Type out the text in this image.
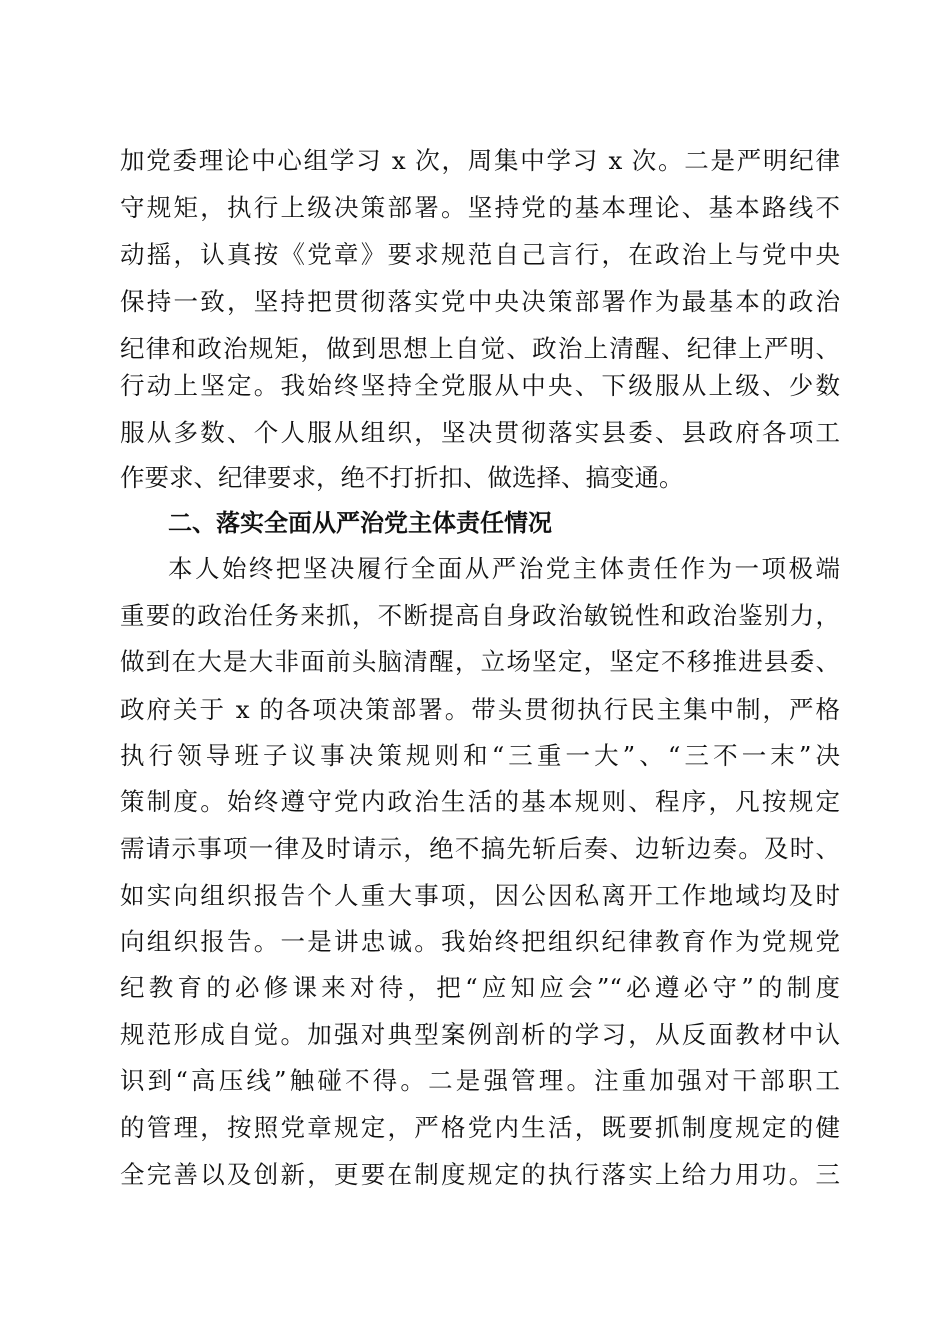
加党委理论中心组学习 x 次，周集中学习 x 次。二是严明纪律
守规矩，执行上级决策部署。坚持党的基本理论、基本路线不
动摇，认真按《党章》要求规范自己言行，在政治上与党中央
保持一致，坚持把贯彻落实党中央决策部署作为最基本的政治
纪律和政治规矩，做到思想上自觉、政治上清醒、纪律上严明、
行动上坚定。我始终坚持全党服从中央、下级服从上级、少数
服从多数、个人服从组织，坚决贯彻落实县委、县政府各项工
作要求、纪律要求，绝不打折扣、做选择、搞变通。
二、落实全面从严治党主体责任情况
本人始终把坚决履行全面从严治党主体责任作为一项极端
重要的政治任务来抓，不断提高自身政治敏锐性和政治鉴别力，
做到在大是大非面前头脑清醒，立场坚定，坚定不移推进县委、
政府关于 x 的各项决策部署。带头贯彻执行民主集中制，严格
执行领导班子议事决策规则和“三重一大”、“三不一末”决
策制度。始终遵守党内政治生活的基本规则、程序，凡按规定
需请示事项一律及时请示，绝不搞先斩后奏、边斩边奏。及时、
如实向组织报告个人重大事项，因公因私离开工作地域均及时
向组织报告。一是讲忠诚。我始终把组织纪律教育作为党规党
纪教育的必修课来对待，把“应知应会”“必遵必守”的制度
规范形成自觉。加强对典型案例剖析的学习，从反面教材中认
识到“高压线”触碰不得。二是强管理。注重加强对干部职工
的管理，按照党章规定，严格党内生活，既要抓制度规定的健
全完善以及创新，更要在制度规定的执行落实上给力用功。三
